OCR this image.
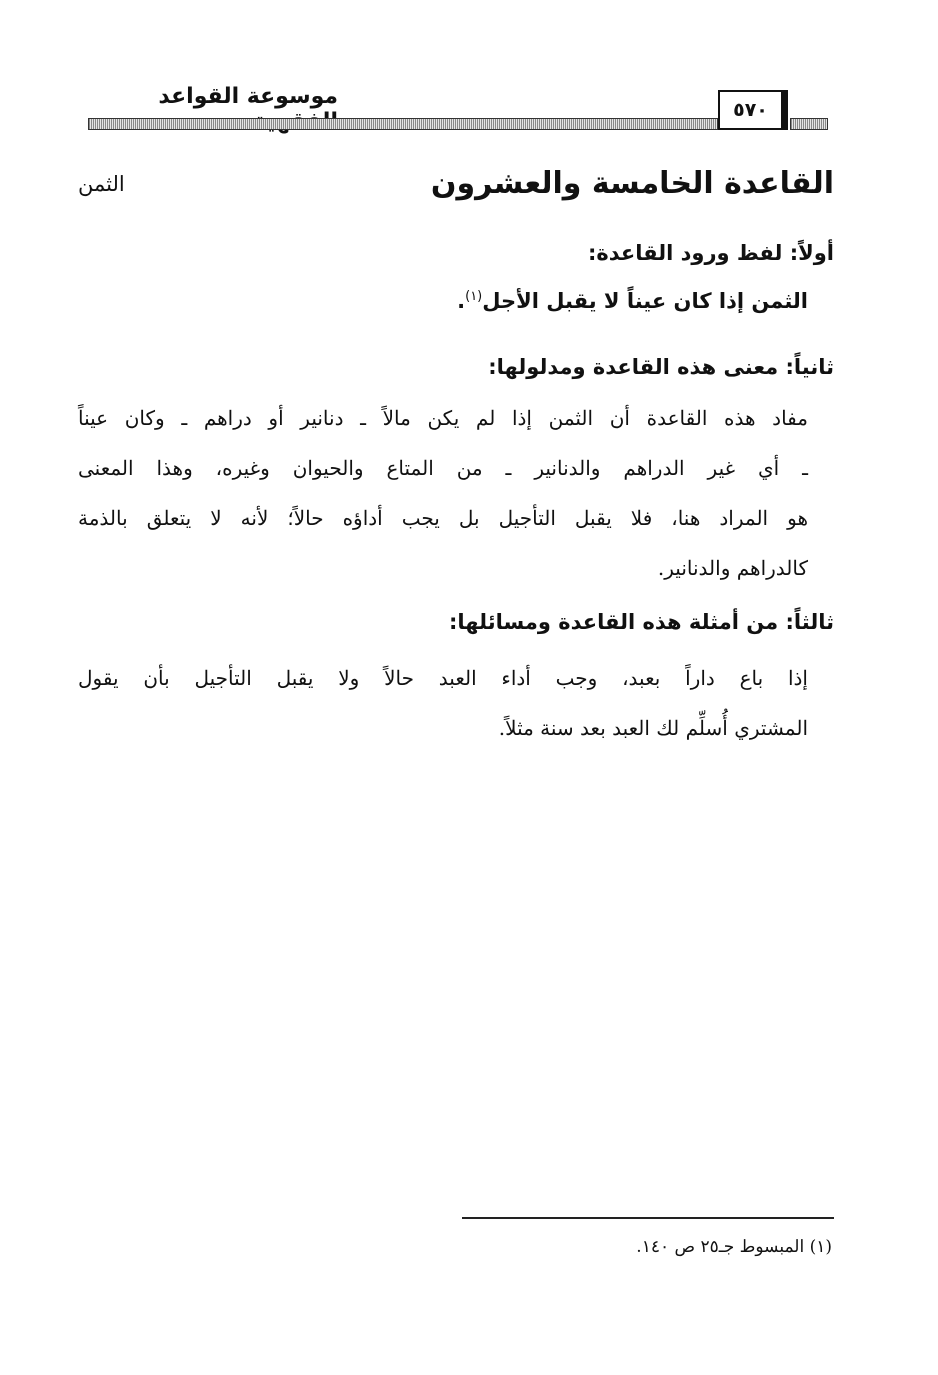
موسوعة القواعد
٥٧٠
القاعدة الخامسة والعشرون
الثمن
أولاً: لفظ ورود القاعدة:
الثمن إذا كان عيناً لا يقبل الأجل$^{(١)}$.
ثانياً: معنى هذه القاعدة ومدلولها:
مفاد هذه القاعدة أن الثمن إذا لم يكن مالاً ـ دنانير أو دراهم ـ وكان عيناً
ـ أي غير الدراهم والدنانير ـ من المتاع والحيوان وغيره، وهذا المعنى
هو المراد هنا، فلا يقبل التأجيل بل يجب أداؤه حالاً؛ لأنه لا يتعلق بالذمة
كالدراهم والدنانير.
ثالثاً: من أمثلة هذه القاعدة ومسائلها:
إذا باع داراً بعبد، وجب أداء العبد حالاً ولا يقبل التأجيل بأن يقول
المشتري أُسلِّم لك العبد بعد سنة مثلاً.
(١) المبسوط جـ٢٥ ص ١٤٠.
